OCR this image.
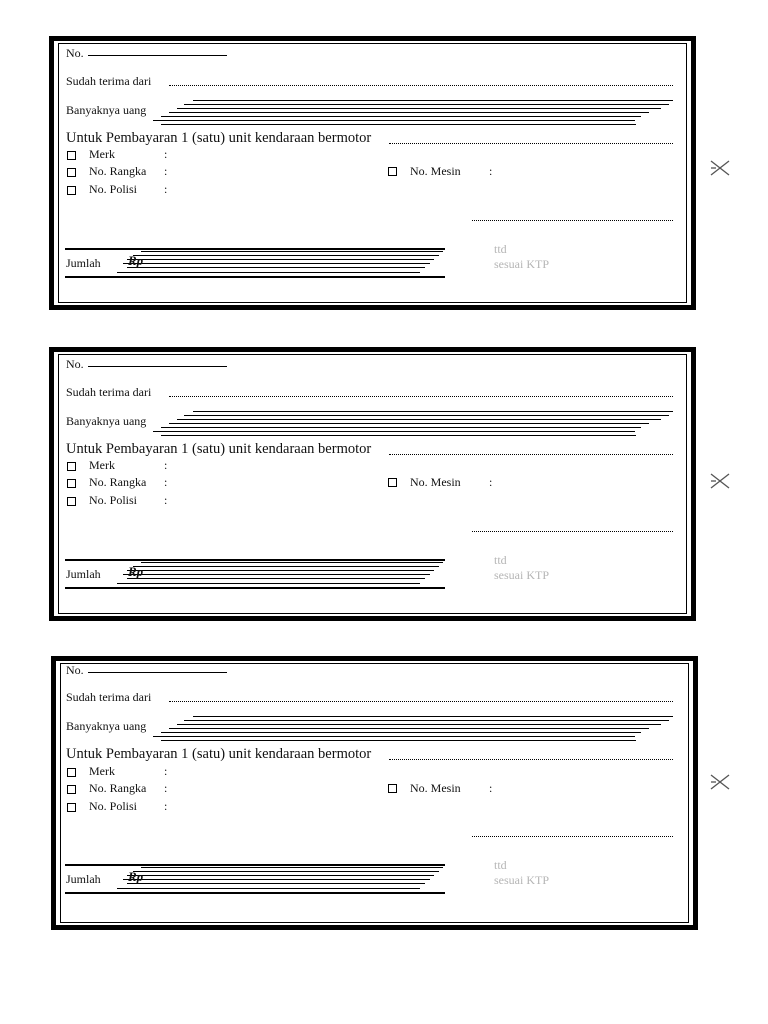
No.
Sudah terima dari
Banyaknya uang
Untuk Pembayaran 1 (satu) unit kendaraan bermotor
Merk	:
No. Rangka :	No. Mesin :
No. Polisi :
Jumlah Rp
ttd
sesuai KTP
No.
Sudah terima dari
Banyaknya uang
Untuk Pembayaran 1 (satu) unit kendaraan bermotor
Merk	:
No. Rangka :	No. Mesin :
No. Polisi :
Jumlah Rp
ttd
sesuai KTP
No.
Sudah terima dari
Banyaknya uang
Untuk Pembayaran 1 (satu) unit kendaraan bermotor
Merk	:
No. Rangka :	No. Mesin :
No. Polisi :
Jumlah Rp
ttd
sesuai KTP
